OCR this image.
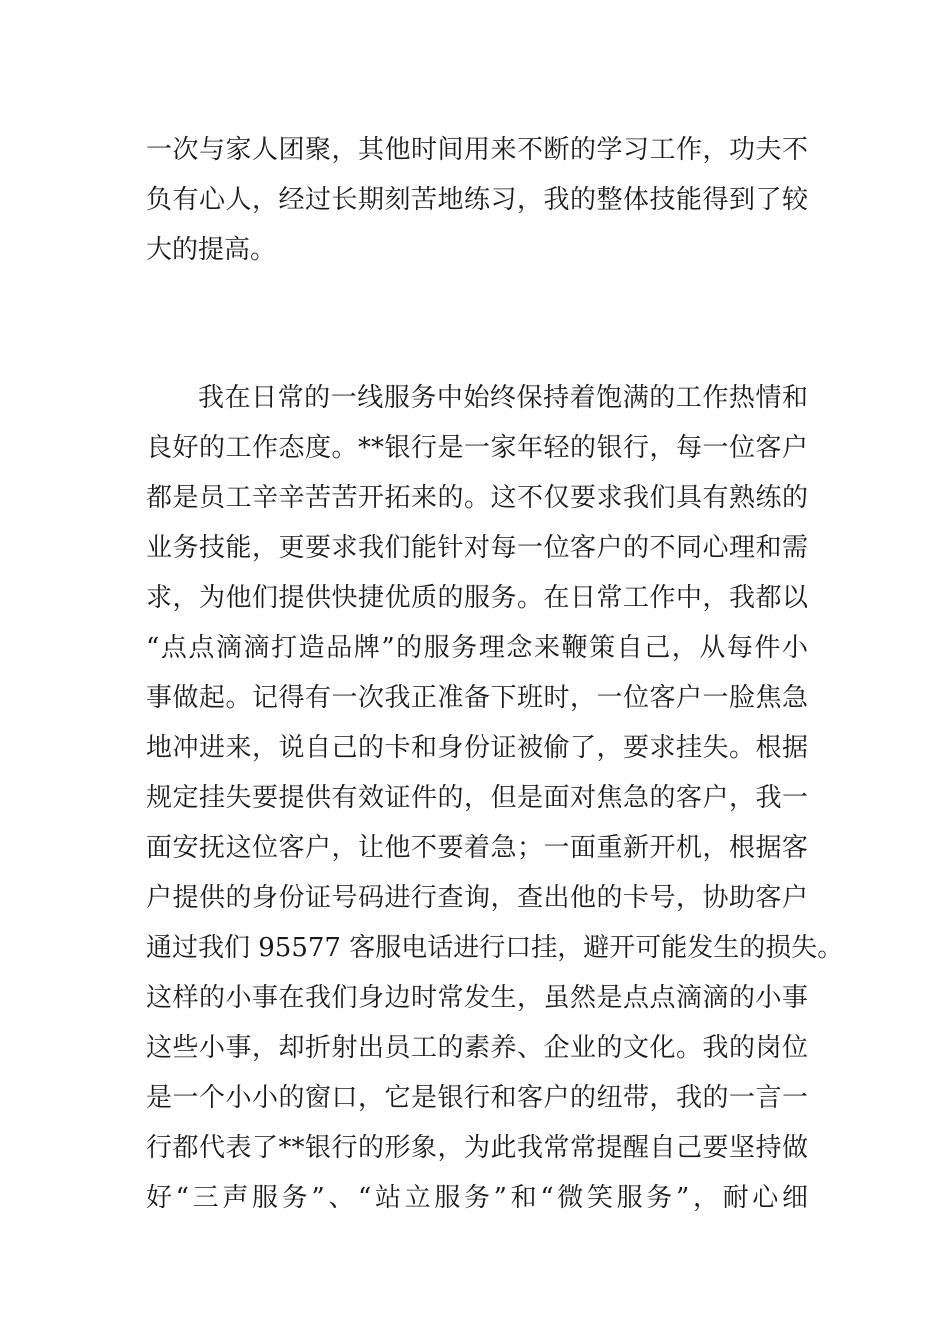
一次与家人团聚，其他时间用来不断的学习工作，功夫不

负有心人，经过长期刻苦地练习，我的整体技能得到了较

大的提高。

我在日常的一线服务中始终保持着饱满的工作热情和

良好的工作态度。**银行是一家年轻的银行，每一位客户

都是员工辛辛苦苦开拓来的。这不仅要求我们具有熟练的

业务技能，更要求我们能针对每一位客户的不同心理和需

求，为他们提供快捷优质的服务。在日常工作中，我都以

“点点滴滴打造品牌”的服务理念来鞭策自己，从每件小

事做起。记得有一次我正准备下班时，一位客户一脸焦急

地冲进来，说自己的卡和身份证被偷了，要求挂失。根据

规定挂失要提供有效证件的，但是面对焦急的客户，我一

面安抚这位客户，让他不要着急；一面重新开机，根据客

户提供的身份证号码进行查询，查出他的卡号，协助客户

通过我们 95577 客服电话进行口挂，避开可能发生的损失。

这样的小事在我们身边时常发生，虽然是点点滴滴的小事

这些小事，却折射出员工的素养、企业的文化。我的岗位

是一个小小的窗口，它是银行和客户的纽带，我的一言一

行都代表了**银行的形象，为此我常常提醒自己要坚持做

好“三声服务”、“站立服务”和“微笑服务”，耐心细
